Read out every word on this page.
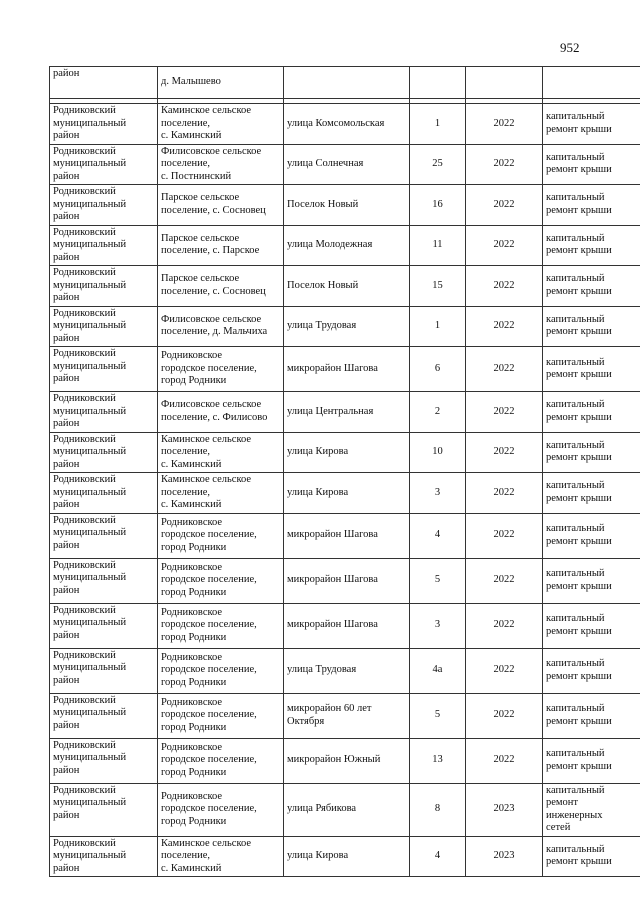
952
район	д. Малышево				

Родниковский
муниципальный
район	Каминское сельское
поселение,
с. Каминский	улица Комсомольская	1	2022	капитальный
ремонт крыши

Родниковский
муниципальный
район	Филисовское сельское
поселение,
с. Постнинский	улица Солнечная	25	2022	капитальный
ремонт крыши

Родниковский
муниципальный
район	Парское сельское
поселение, с. Сосновец	Поселок Новый	16	2022	капитальный
ремонт крыши

Родниковский
муниципальный
район	Парское сельское
поселение, с. Парское	улица Молодежная	11	2022	капитальный
ремонт крыши

Родниковский
муниципальный
район	Парское сельское
поселение, с. Сосновец	Поселок Новый	15	2022	капитальный
ремонт крыши

Родниковский
муниципальный
район	Филисовское сельское
поселение, д. Мальчиха	улица Трудовая	1	2022	капитальный
ремонт крыши

Родниковский
муниципальный
район	Родниковское
городское поселение,
город Родники	микрорайон Шагова	6	2022	капитальный
ремонт крыши

Родниковский
муниципальный
район	Филисовское сельское
поселение, с. Филисово	улица Центральная	2	2022	капитальный
ремонт крыши

Родниковский
муниципальный
район	Каминское сельское
поселение,
с. Каминский	улица Кирова	10	2022	капитальный
ремонт крыши

Родниковский
муниципальный
район	Каминское сельское
поселение,
с. Каминский	улица Кирова	3	2022	капитальный
ремонт крыши

Родниковский
муниципальный
район	Родниковское
городское поселение,
город Родники	микрорайон Шагова	4	2022	капитальный
ремонт крыши

Родниковский
муниципальный
район	Родниковское
городское поселение,
город Родники	микрорайон Шагова	5	2022	капитальный
ремонт крыши

Родниковский
муниципальный
район	Родниковское
городское поселение,
город Родники	микрорайон Шагова	3	2022	капитальный
ремонт крыши

Родниковский
муниципальный
район	Родниковское
городское поселение,
город Родники	улица Трудовая	4а	2022	капитальный
ремонт крыши

Родниковский
муниципальный
район	Родниковское
городское поселение,
город Родники	микрорайон 60 лет
Октября	5	2022	капитальный
ремонт крыши

Родниковский
муниципальный
район	Родниковское
городское поселение,
город Родники	микрорайон Южный	13	2022	капитальный
ремонт крыши

Родниковский
муниципальный
район	Родниковское
городское поселение,
город Родники	улица Рябикова	8	2023	капитальный
ремонт
инженерных
сетей

Родниковский
муниципальный
район	Каминское сельское
поселение,
с. Каминский	улица Кирова	4	2023	капитальный
ремонт крыши
